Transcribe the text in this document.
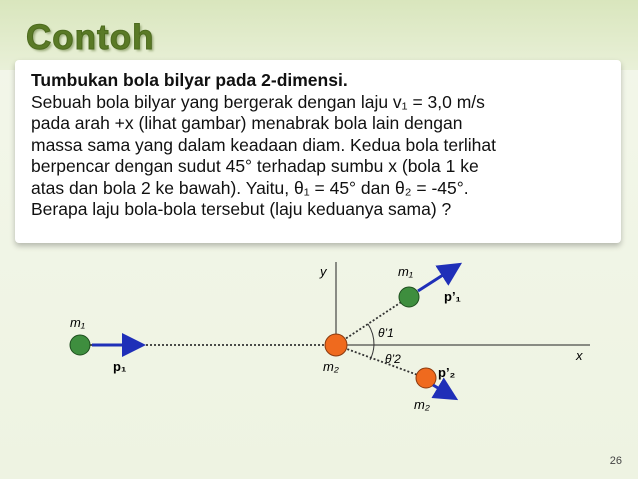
Contoh
Tumbukan bola bilyar pada 2-dimensi.
Sebuah bola bilyar yang bergerak dengan laju v₁ = 3,0 m/s
pada arah +x (lihat gambar) menabrak bola lain dengan
massa sama yang dalam keadaan diam. Kedua bola terlihat
berpencar dengan sudut 45° terhadap sumbu x (bola 1 ke
atas dan bola 2 ke bawah). Yaitu, θ₁ = 45° dan θ₂ = -45°.
Berapa laju bola-bola tersebut (laju keduanya sama) ?
y
x
θ’1
θ’2
m₁
p₁	m₂
m₁
p’₁
m₂
p’₂
26
